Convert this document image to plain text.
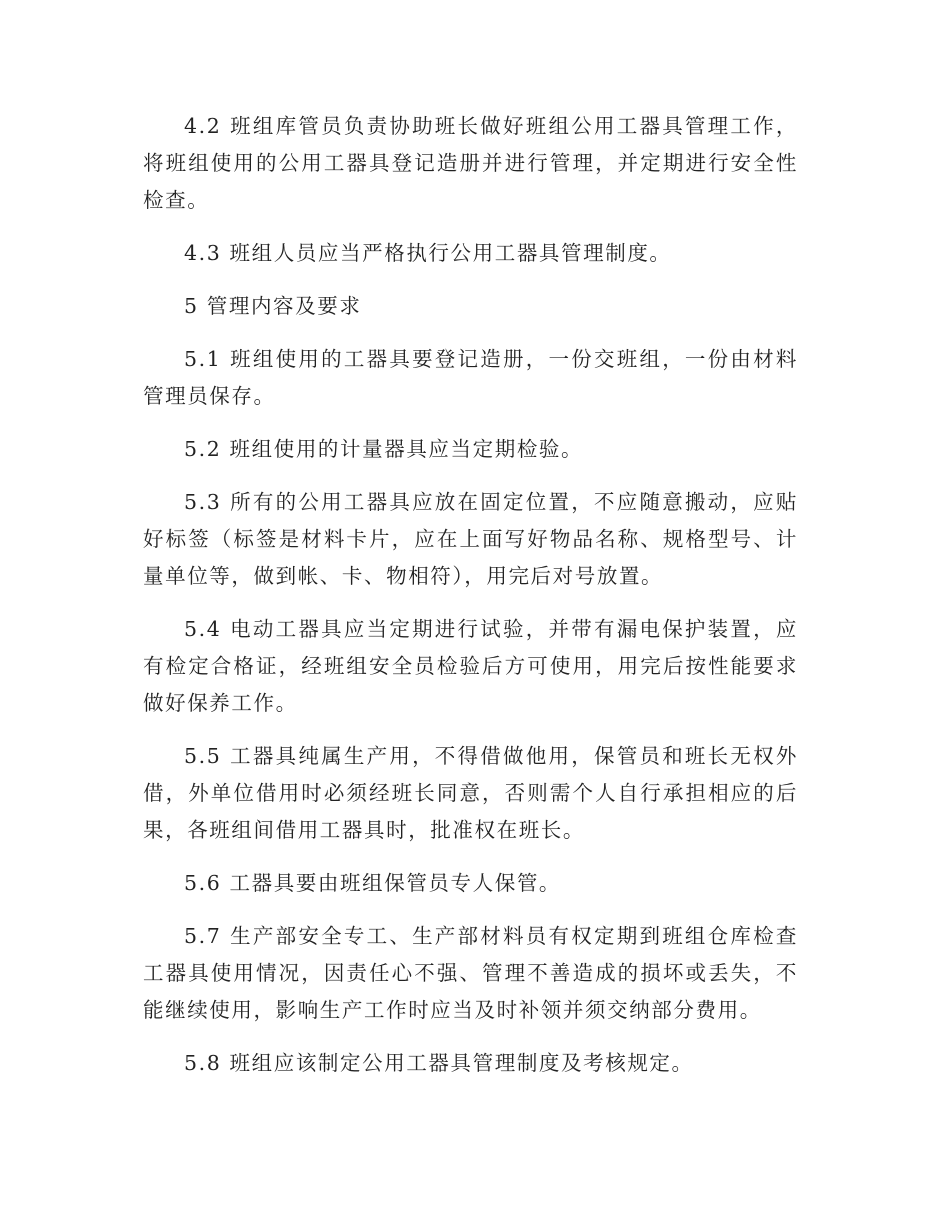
4.2 班组库管员负责协助班长做好班组公用工器具管理工作，将班组使用的公用工器具登记造册并进行管理，并定期进行安全性检查。

4.3 班组人员应当严格执行公用工器具管理制度。

5 管理内容及要求

5.1 班组使用的工器具要登记造册，一份交班组，一份由材料管理员保存。

5.2 班组使用的计量器具应当定期检验。

5.3 所有的公用工器具应放在固定位置，不应随意搬动，应贴好标签（标签是材料卡片，应在上面写好物品名称、规格型号、计量单位等，做到帐、卡、物相符），用完后对号放置。

5.4 电动工器具应当定期进行试验，并带有漏电保护装置，应有检定合格证，经班组安全员检验后方可使用，用完后按性能要求做好保养工作。

5.5 工器具纯属生产用，不得借做他用，保管员和班长无权外借，外单位借用时必须经班长同意，否则需个人自行承担相应的后果，各班组间借用工器具时，批准权在班长。

5.6 工器具要由班组保管员专人保管。

5.7 生产部安全专工、生产部材料员有权定期到班组仓库检查工器具使用情况，因责任心不强、管理不善造成的损坏或丢失，不能继续使用，影响生产工作时应当及时补领并须交纳部分费用。

5.8 班组应该制定公用工器具管理制度及考核规定。
